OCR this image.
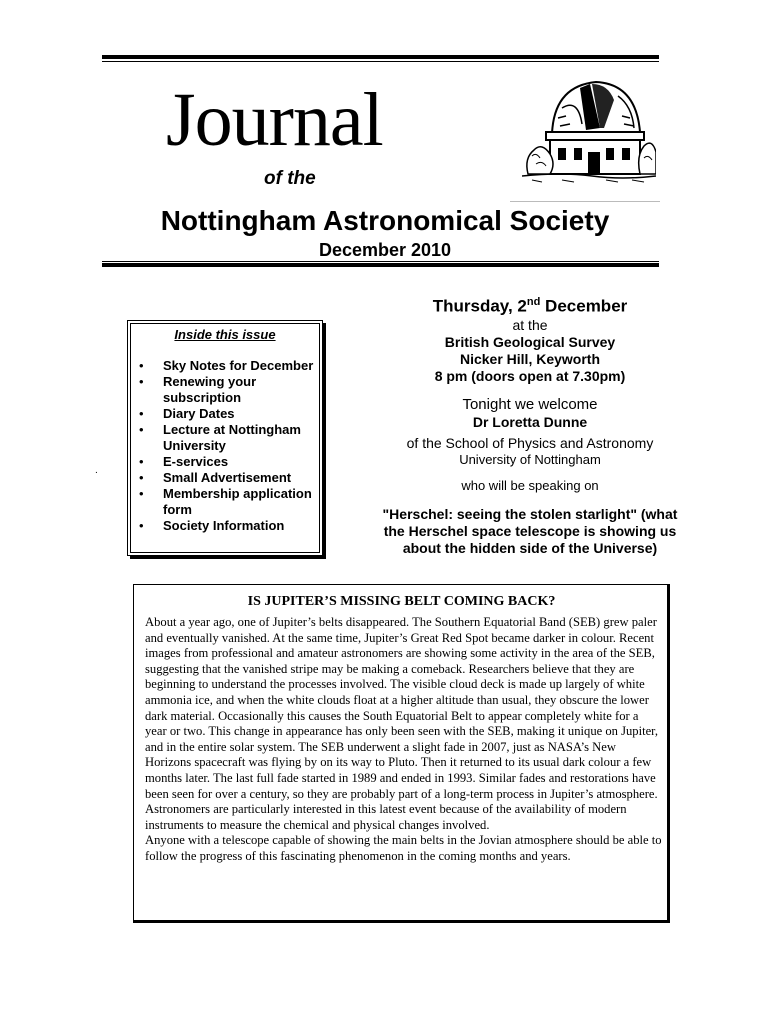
Journal
of the
Nottingham Astronomical Society
December 2010
Inside this issue
• Sky Notes for December
• Renewing your subscription
• Diary Dates
• Lecture at Nottingham University
• E-services
• Small Advertisement
• Membership application form
• Society Information
.
Thursday, 2nd December
at the
British Geological Survey
Nicker Hill, Keyworth
8 pm (doors open at 7.30pm)
Tonight we welcome
Dr Loretta Dunne
of the School of Physics and Astronomy
University of Nottingham
who will be speaking on
"Herschel: seeing the stolen starlight" (what the Herschel space telescope is showing us about the hidden side of the Universe)
IS JUPITER’S MISSING BELT COMING BACK?

About a year ago, one of Jupiter’s belts disappeared. The Southern Equatorial Band (SEB) grew paler and eventually vanished. At the same time, Jupiter’s Great Red Spot became darker in colour. Recent images from professional and amateur astronomers are showing some activity in the area of the SEB, suggesting that the vanished stripe may be making a comeback. Researchers believe that they are beginning to understand the processes involved. The visible cloud deck is made up largely of white ammonia ice, and when the white clouds float at a higher altitude than usual, they obscure the lower dark material. Occasionally this causes the South Equatorial Belt to appear completely white for a year or two. This change in appearance has only been seen with the SEB, making it unique on Jupiter, and in the entire solar system. The SEB underwent a slight fade in 2007, just as NASA’s New Horizons spacecraft was flying by on its way to Pluto. Then it returned to its usual dark colour a few months later. The last full fade started in 1989 and ended in 1993. Similar fades and restorations have been seen for over a century, so they are probably part of a long-term process in Jupiter’s atmosphere. Astronomers are particularly interested in this latest event because of the availability of modern instruments to measure the chemical and physical changes involved.

Anyone with a telescope capable of showing the main belts in the Jovian atmosphere should be able to follow the progress of this fascinating phenomenon in the coming months and years.
